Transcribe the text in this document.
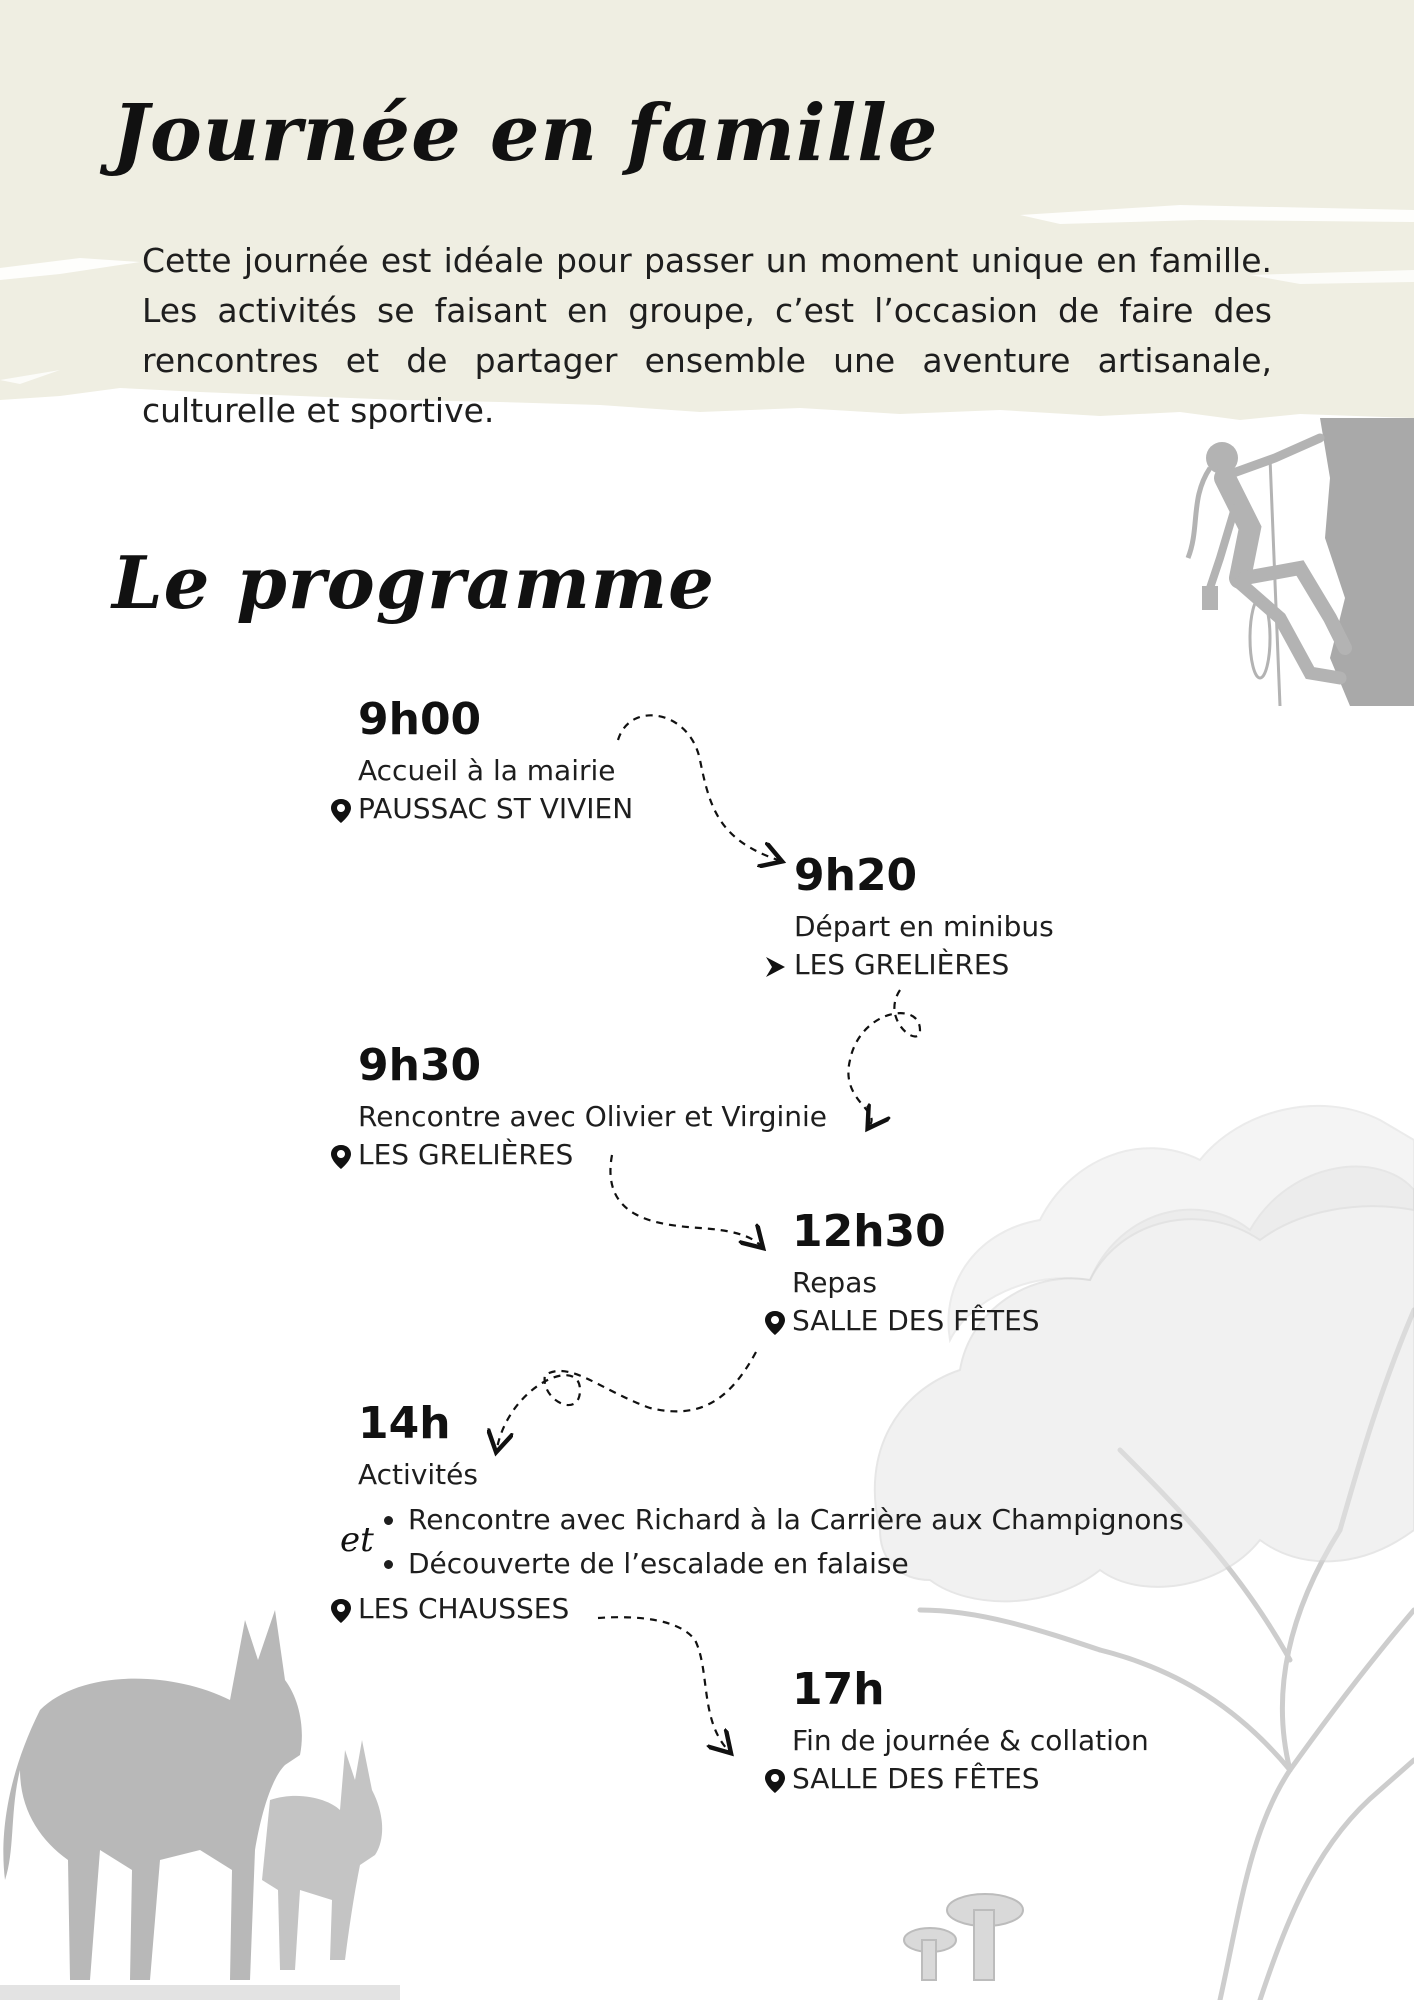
Journée en famille
Cette journée est idéale pour passer un moment unique en famille. Les activités se faisant en groupe, c’est l’occasion de faire des rencontres et de partager ensemble une aventure artisanale, culturelle et sportive.
Le programme
9h00
Accueil à la mairie
PAUSSAC ST VIVIEN
9h20
Départ en minibus
LES GRELIÈRES
9h30
Rencontre avec Olivier et Virginie
LES GRELIÈRES
12h30
Repas
SALLE DES FÊTES
14h
Activités
• Rencontre avec Richard à la Carrière aux Champignons
• Découverte de l’escalade en falaise
LES CHAUSSES
et
17h
Fin de journée & collation
SALLE DES FÊTES
